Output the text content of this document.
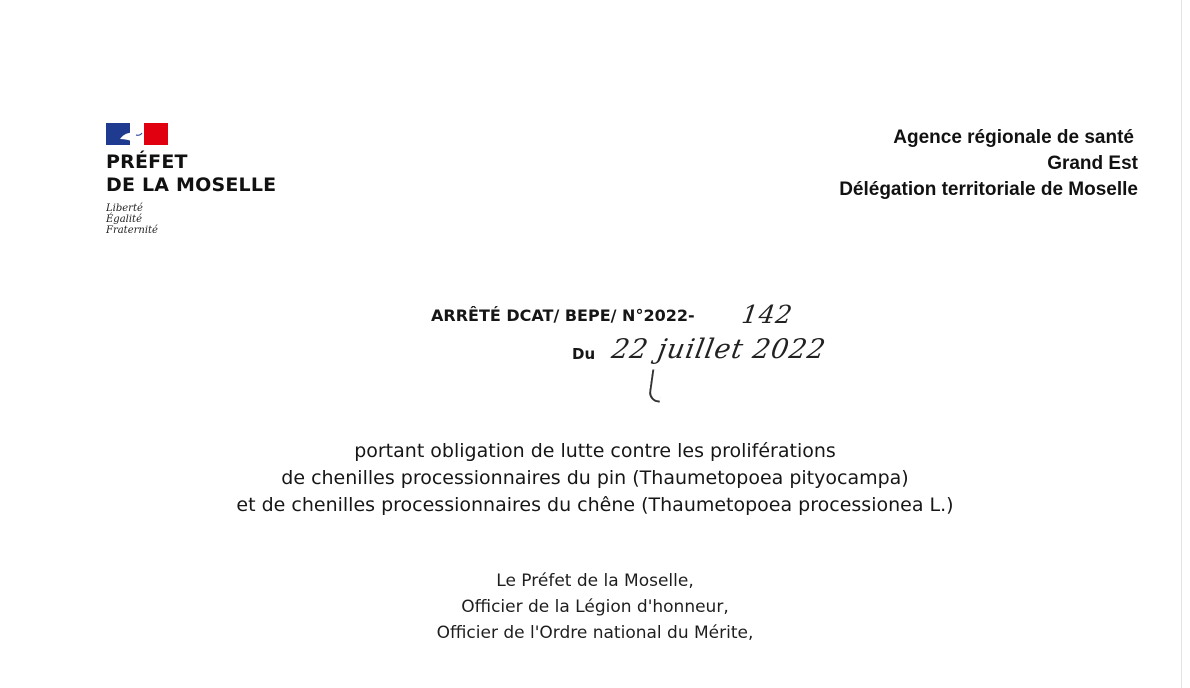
PRÉFET
DE LA MOSELLE
Liberté
Égalité
Fraternité
Agence régionale de santé
Grand Est
Délégation territoriale de Moselle
ARRÊTÉ DCAT/ BEPE/ N°2022- 142
Du 22 juillet 2022
portant obligation de lutte contre les proliférations
de chenilles processionnaires du pin (Thaumetopoea pityocampa)
et de chenilles processionnaires du chêne (Thaumetopoea processionea L.)
Le Préfet de la Moselle,
Officier de la Légion d'honneur,
Officier de l'Ordre national du Mérite,
